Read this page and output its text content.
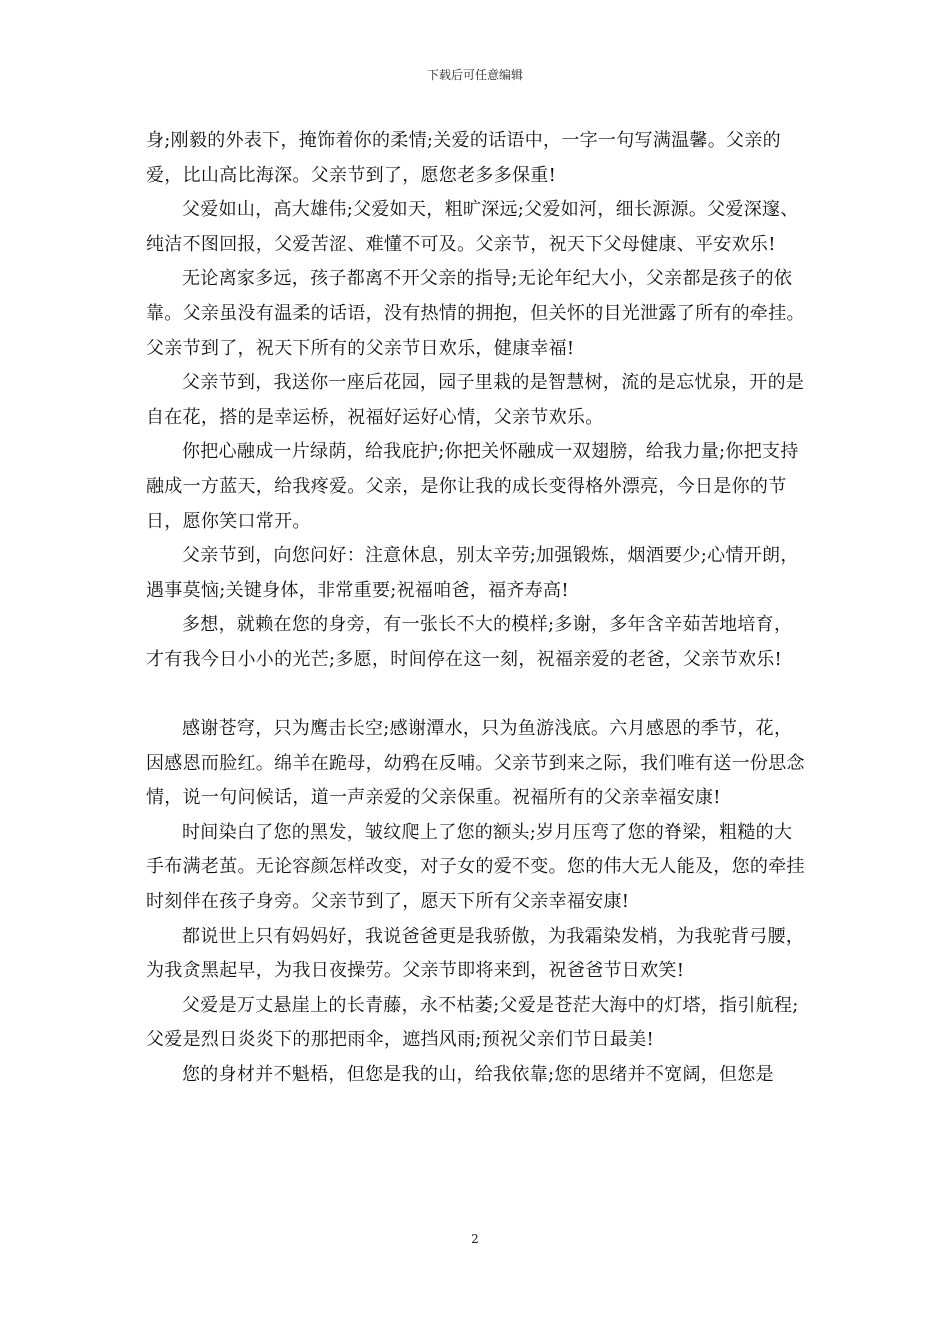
下载后可任意编辑

身;刚毅的外表下，掩饰着你的柔情;关爱的话语中，一字一句写满温馨。父亲的爱，比山高比海深。父亲节到了，愿您老多多保重!

父爱如山，高大雄伟;父爱如天，粗旷深远;父爱如河，细长源源。父爱深邃、纯洁不图回报，父爱苦涩、难懂不可及。父亲节，祝天下父母健康、平安欢乐!

无论离家多远，孩子都离不开父亲的指导;无论年纪大小，父亲都是孩子的依靠。父亲虽没有温柔的话语，没有热情的拥抱，但关怀的目光泄露了所有的牵挂。父亲节到了，祝天下所有的父亲节日欢乐，健康幸福!

父亲节到，我送你一座后花园，园子里栽的是智慧树，流的是忘忧泉，开的是自在花，搭的是幸运桥，祝福好运好心情，父亲节欢乐。

你把心融成一片绿荫，给我庇护;你把关怀融成一双翅膀，给我力量;你把支持融成一方蓝天，给我疼爱。父亲，是你让我的成长变得格外漂亮，今日是你的节日，愿你笑口常开。

父亲节到，向您问好：注意休息，别太辛劳;加强锻炼，烟酒要少;心情开朗，遇事莫恼;关键身体，非常重要;祝福咱爸，福齐寿高!

多想，就赖在您的身旁，有一张长不大的模样;多谢，多年含辛茹苦地培育，才有我今日小小的光芒;多愿，时间停在这一刻，祝福亲爱的老爸，父亲节欢乐!

感谢苍穹，只为鹰击长空;感谢潭水，只为鱼游浅底。六月感恩的季节，花，因感恩而脸红。绵羊在跪母，幼鸦在反哺。父亲节到来之际，我们唯有送一份思念情，说一句问候话，道一声亲爱的父亲保重。祝福所有的父亲幸福安康!

时间染白了您的黑发，皱纹爬上了您的额头;岁月压弯了您的脊梁，粗糙的大手布满老茧。无论容颜怎样改变，对子女的爱不变。您的伟大无人能及，您的牵挂时刻伴在孩子身旁。父亲节到了，愿天下所有父亲幸福安康!

都说世上只有妈妈好，我说爸爸更是我骄傲，为我霜染发梢，为我驼背弓腰，为我贪黑起早，为我日夜操劳。父亲节即将来到，祝爸爸节日欢笑!

父爱是万丈悬崖上的长青藤，永不枯萎;父爱是苍茫大海中的灯塔，指引航程;父爱是烈日炎炎下的那把雨伞，遮挡风雨;预祝父亲们节日最美!

您的身材并不魁梧，但您是我的山，给我依靠;您的思绪并不宽阔，但您是

2
